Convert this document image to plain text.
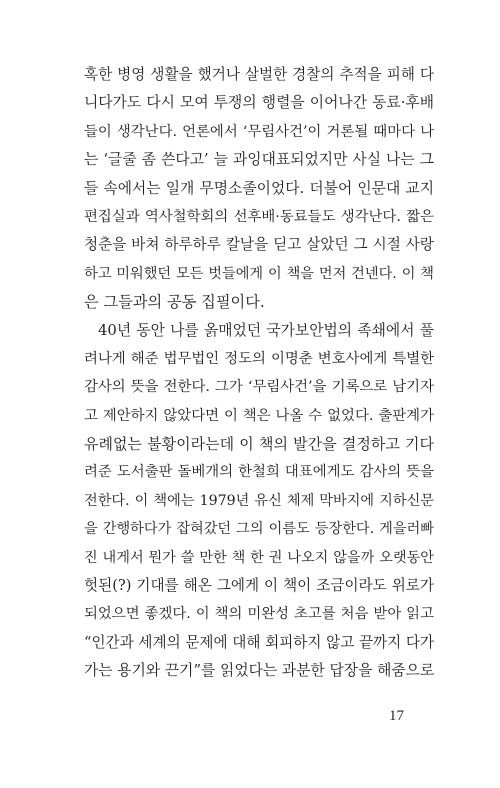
혹한 병영 생활을 했거나 살벌한 경찰의 추적을 피해 다
니다가도 다시 모여 투쟁의 행렬을 이어나간 동료·후배
들이 생각난다. 언론에서 ‘무림사건’이 거론될 때마다 나
는 ‘글줄 좀 쓴다고’ 늘 과잉대표되었지만 사실 나는 그
들 속에서는 일개 무명소졸이었다. 더불어 인문대 교지
편집실과 역사철학회의 선후배·동료들도 생각난다. 짧은
청춘을 바쳐 하루하루 칼날을 딛고 살았던 그 시절 사랑
하고 미워했던 모든 벗들에게 이 책을 먼저 건넨다. 이 책
은 그들과의 공동 집필이다.
40년 동안 나를 옭매었던 국가보안법의 족쇄에서 풀
려나게 해준 법무법인 정도의 이명춘 변호사에게 특별한
감사의 뜻을 전한다. 그가 ‘무림사건’을 기록으로 남기자
고 제안하지 않았다면 이 책은 나올 수 없었다. 출판계가
유례없는 불황이라는데 이 책의 발간을 결정하고 기다
려준 도서출판 돌베개의 한철희 대표에게도 감사의 뜻을
전한다. 이 책에는 1979년 유신 체제 막바지에 지하신문
을 간행하다가 잡혀갔던 그의 이름도 등장한다. 게을러빠
진 내게서 뭔가 쓸 만한 책 한 권 나오지 않을까 오랫동안
헛된(?) 기대를 해온 그에게 이 책이 조금이라도 위로가
되었으면 좋겠다. 이 책의 미완성 초고를 처음 받아 읽고
“인간과 세계의 문제에 대해 회피하지 않고 끝까지 다가
가는 용기와 끈기”를 읽었다는 과분한 답장을 해줌으로
17
